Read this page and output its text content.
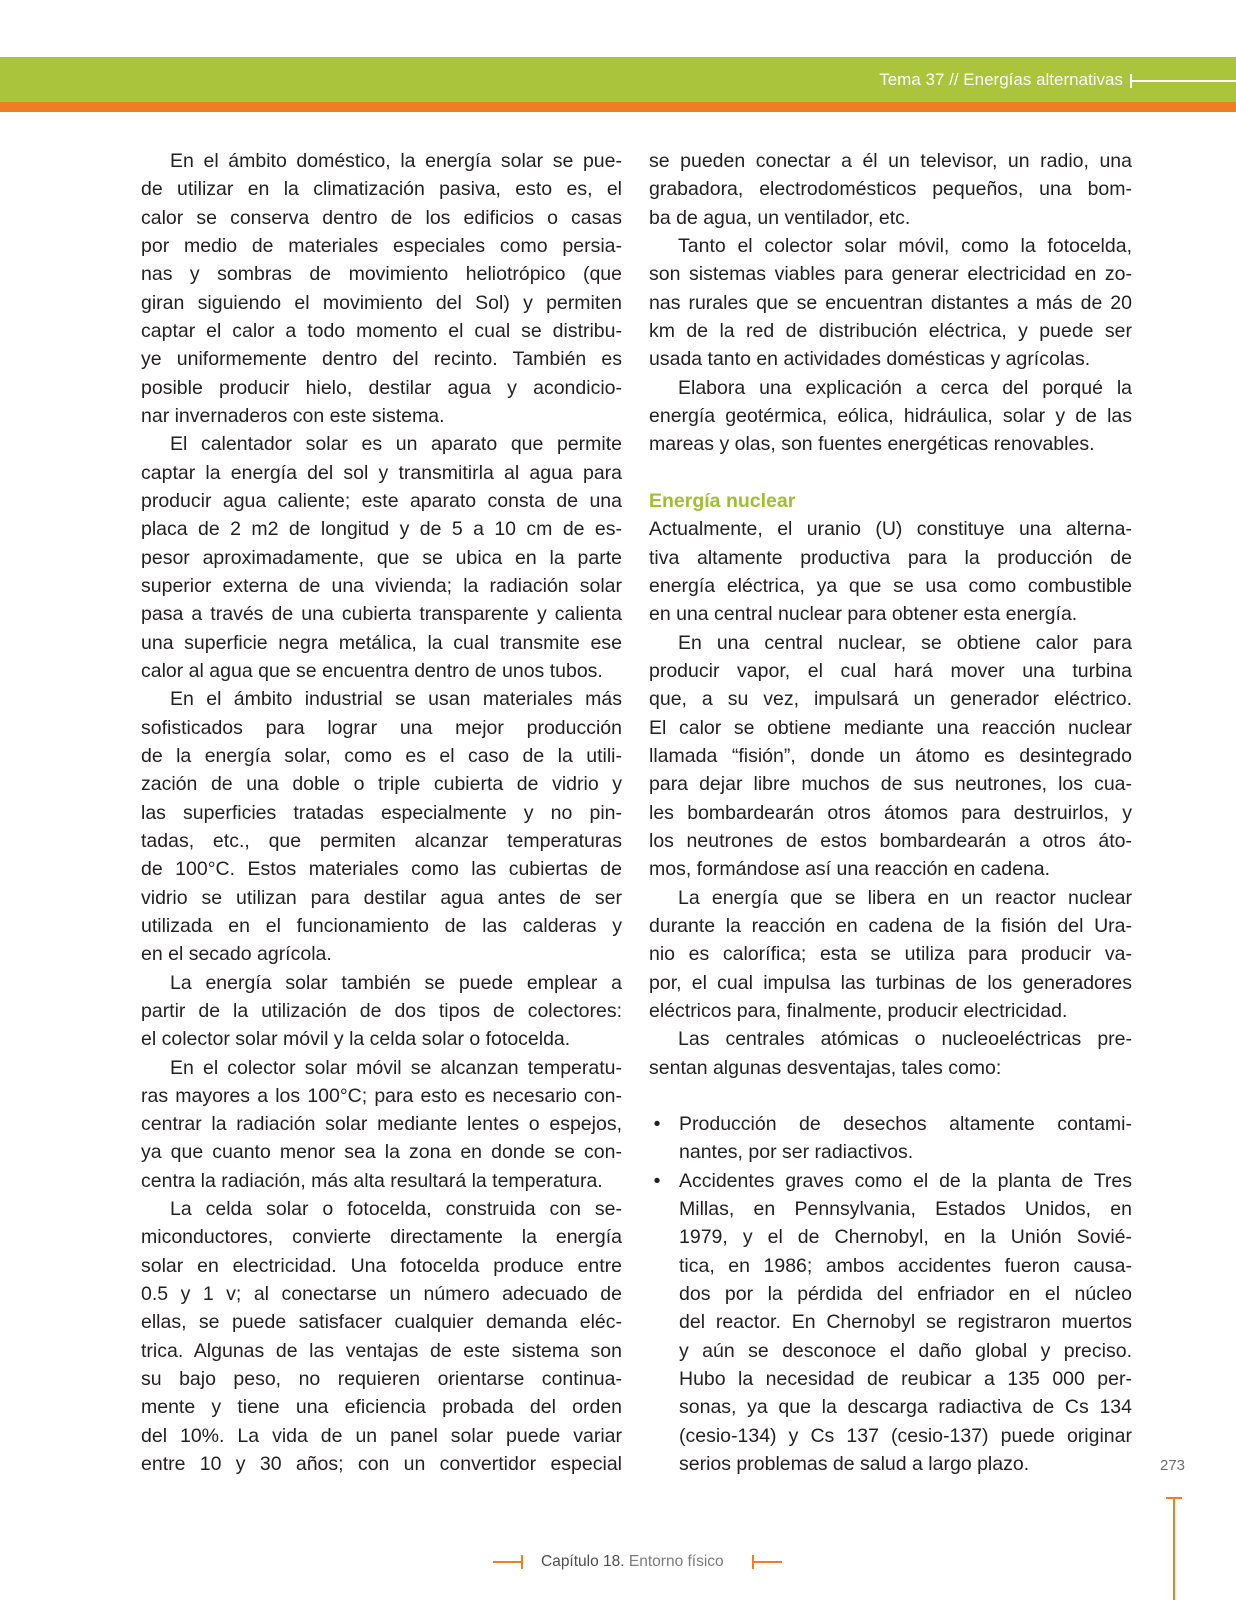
Tema 37 // Energías alternativas
En el ámbito doméstico, la energía solar se pue-
de utilizar en la climatización pasiva, esto es, el
calor se conserva dentro de los edificios o casas
por medio de materiales especiales como persia-
nas y sombras de movimiento heliotrópico (que
giran siguiendo el movimiento del Sol) y permiten
captar el calor a todo momento el cual se distribu-
ye uniformemente dentro del recinto. También es
posible producir hielo, destilar agua y acondicio-
nar invernaderos con este sistema.
El calentador solar es un aparato que permite
captar la energía del sol y transmitirla al agua para
producir agua caliente; este aparato consta de una
placa de 2 m2 de longitud y de 5 a 10 cm de es-
pesor aproximadamente, que se ubica en la parte
superior externa de una vivienda; la radiación solar
pasa a través de una cubierta transparente y calienta
una superficie negra metálica, la cual transmite ese
calor al agua que se encuentra dentro de unos tubos.
En el ámbito industrial se usan materiales más
sofisticados para lograr una mejor producción
de la energía solar, como es el caso de la utili-
zación de una doble o triple cubierta de vidrio y
las superficies tratadas especialmente y no pin-
tadas, etc., que permiten alcanzar temperaturas
de 100°C. Estos materiales como las cubiertas de
vidrio se utilizan para destilar agua antes de ser
utilizada en el funcionamiento de las calderas y
en el secado agrícola.
La energía solar también se puede emplear a
partir de la utilización de dos tipos de colectores:
el colector solar móvil y la celda solar o fotocelda.
En el colector solar móvil se alcanzan temperatu-
ras mayores a los 100°C; para esto es necesario con-
centrar la radiación solar mediante lentes o espejos,
ya que cuanto menor sea la zona en donde se con-
centra la radiación, más alta resultará la temperatura.
La celda solar o fotocelda, construida con se-
miconductores, convierte directamente la energía
solar en electricidad. Una fotocelda produce entre
0.5 y 1 v; al conectarse un número adecuado de
ellas, se puede satisfacer cualquier demanda eléc-
trica. Algunas de las ventajas de este sistema son
su bajo peso, no requieren orientarse continua-
mente y tiene una eficiencia probada del orden
del 10%. La vida de un panel solar puede variar
entre 10 y 30 años; con un convertidor especial
se pueden conectar a él un televisor, un radio, una
grabadora, electrodomésticos pequeños, una bom-
ba de agua, un ventilador, etc.
Tanto el colector solar móvil, como la fotocelda,
son sistemas viables para generar electricidad en zo-
nas rurales que se encuentran distantes a más de 20
km de la red de distribución eléctrica, y puede ser
usada tanto en actividades domésticas y agrícolas.
Elabora una explicación a cerca del porqué la
energía geotérmica, eólica, hidráulica, solar y de las
mareas y olas, son fuentes energéticas renovables.
Energía nuclear
Actualmente, el uranio (U) constituye una alterna-
tiva altamente productiva para la producción de
energía eléctrica, ya que se usa como combustible
en una central nuclear para obtener esta energía.
En una central nuclear, se obtiene calor para
producir vapor, el cual hará mover una turbina
que, a su vez, impulsará un generador eléctrico.
El calor se obtiene mediante una reacción nuclear
llamada “fisión”, donde un átomo es desintegrado
para dejar libre muchos de sus neutrones, los cua-
les bombardearán otros átomos para destruirlos, y
los neutrones de estos bombardearán a otros áto-
mos, formándose así una reacción en cadena.
La energía que se libera en un reactor nuclear
durante la reacción en cadena de la fisión del Ura-
nio es calorífica; esta se utiliza para producir va-
por, el cual impulsa las turbinas de los generadores
eléctricos para, finalmente, producir electricidad.
Las centrales atómicas o nucleoeléctricas pre-
sentan algunas desventajas, tales como:
• Producción de desechos altamente contami-
nantes, por ser radiactivos.
• Accidentes graves como el de la planta de Tres
Millas, en Pennsylvania, Estados Unidos, en
1979, y el de Chernobyl, en la Unión Sovié-
tica, en 1986; ambos accidentes fueron causa-
dos por la pérdida del enfriador en el núcleo
del reactor. En Chernobyl se registraron muertos
y aún se desconoce el daño global y preciso.
Hubo la necesidad de reubicar a 135 000 per-
sonas, ya que la descarga radiactiva de Cs 134
(cesio-134) y Cs 137 (cesio-137) puede originar
serios problemas de salud a largo plazo.	273
Capítulo 18. Entorno físico
